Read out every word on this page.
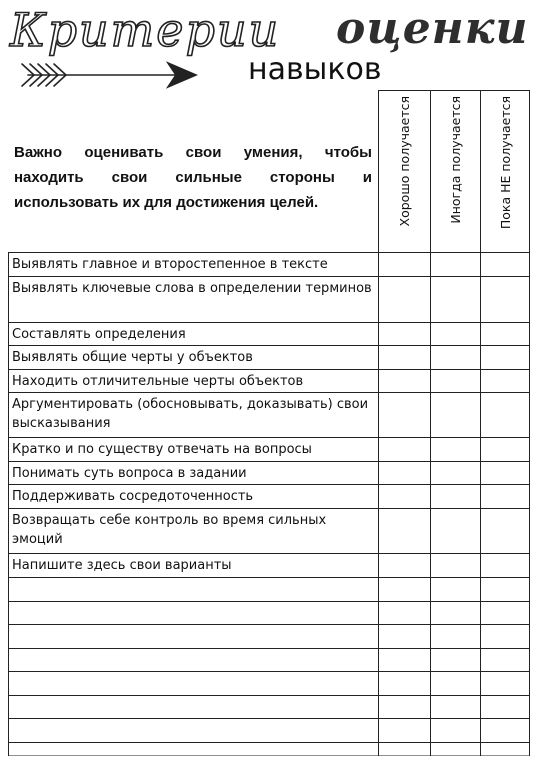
Критерии	оценки
навыков
Важно оценивать свои умения, чтобы находить свои сильные стороны и использовать их для достижения целей.	Хорошо получается	Иногда получается	Пока НЕ получается
Выявлять главное и второстепенное в тексте
Выявлять ключевые слова в определении терминов
Составлять определения
Выявлять общие черты у объектов
Находить отличительные черты объектов
Аргументировать (обосновывать, доказывать) свои высказывания
Кратко и по существу отвечать на вопросы
Понимать суть вопроса в задании
Поддерживать сосредоточенность
Возвращать себе контроль во время сильных эмоций
Напишите здесь свои варианты
